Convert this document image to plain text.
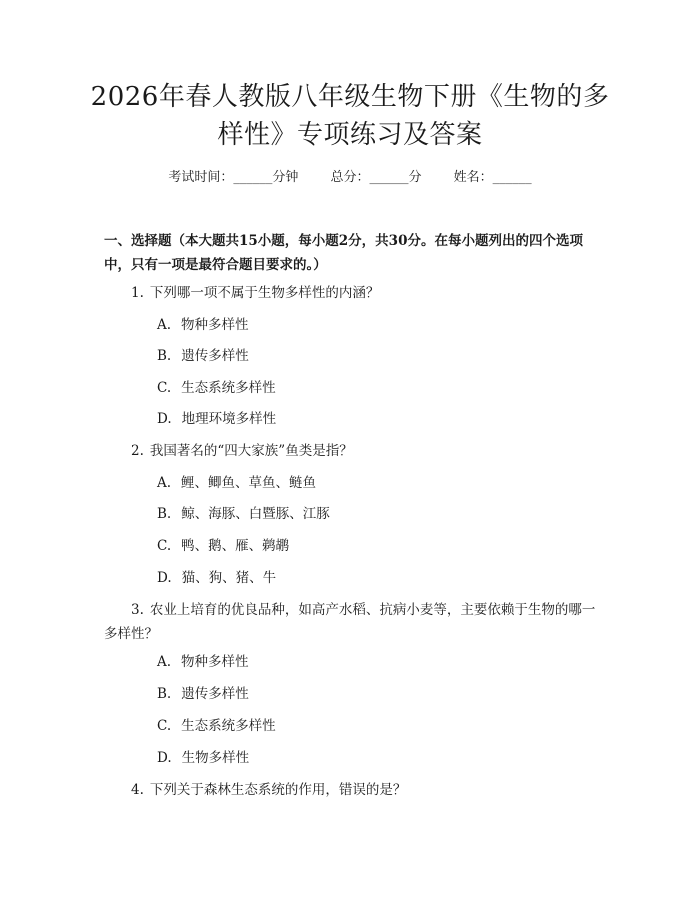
2026年春人教版八年级生物下册《生物的多样性》专项练习及答案
考试时间：______分钟 总分：______分 姓名：______

一、选择题（本大题共15小题，每小题2分，共30分。在每小题列出的四个选项中，只有一项是最符合题目要求的。）

1. 下列哪一项不属于生物多样性的内涵？

A. 物种多样性

B. 遗传多样性

C. 生态系统多样性

D. 地理环境多样性

2. 我国著名的“四大家族”鱼类是指？

A. 鲤、鲫鱼、草鱼、鲢鱼

B. 鲸、海豚、白暨豚、江豚

C. 鸭、鹅、雁、鹈鹕

D. 猫、狗、猪、牛

3. 农业上培育的优良品种，如高产水稻、抗病小麦等，主要依赖于生物的哪一多样性？

A. 物种多样性

B. 遗传多样性

C. 生态系统多样性

D. 生物多样性

4. 下列关于森林生态系统的作用，错误的是？
